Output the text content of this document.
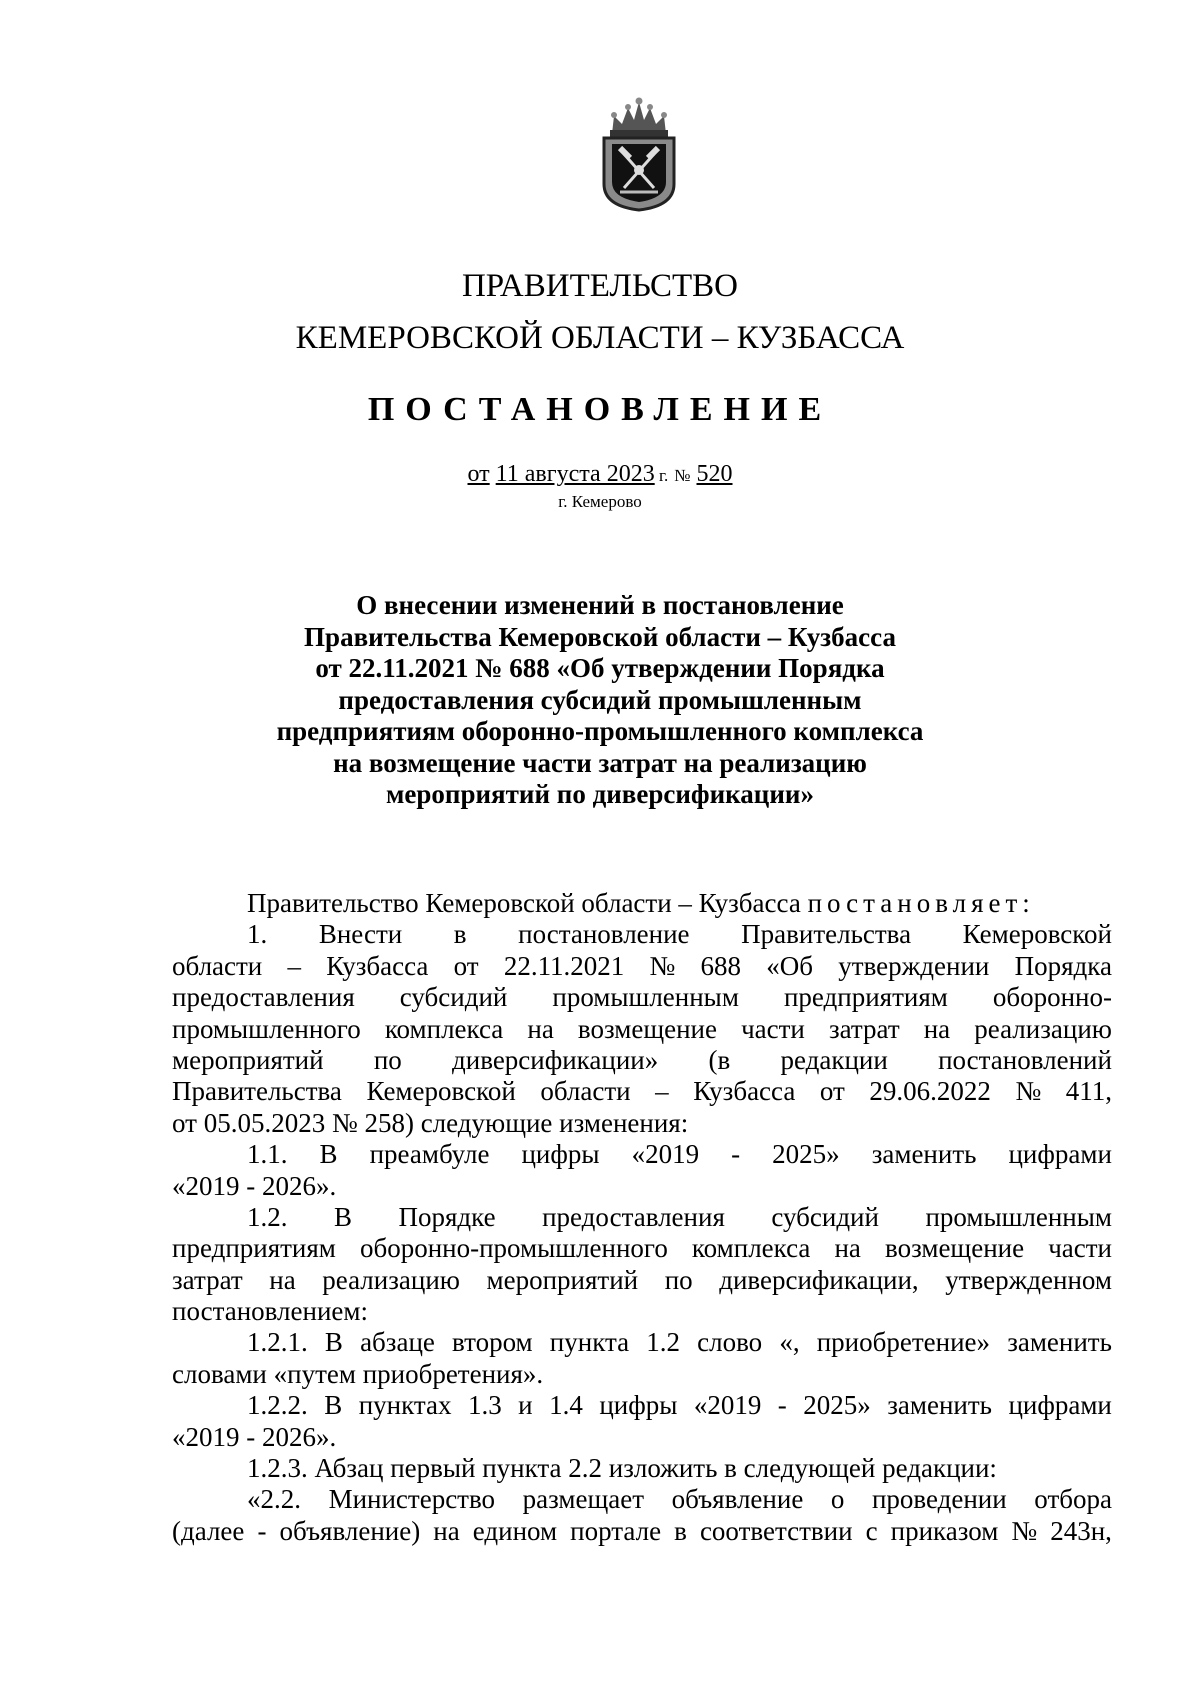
ПРАВИТЕЛЬСТВО
КЕМЕРОВСКОЙ ОБЛАСТИ – КУЗБАССА
ПОСТАНОВЛЕНИЕ
от 11 августа 2023 г. № 520
г. Кемерово
О внесении изменений в постановление
Правительства Кемеровской области – Кузбасса
от 22.11.2021 № 688 «Об утверждении Порядка
предоставления субсидий промышленным
предприятиям оборонно-промышленного комплекса
на возмещение части затрат на реализацию
мероприятий по диверсификации»
Правительство Кемеровской области – Кузбасса постановляет:
1. Внести в постановление Правительства Кемеровской
области – Кузбасса от 22.11.2021 № 688 «Об утверждении Порядка
предоставления субсидий промышленным предприятиям оборонно-
промышленного комплекса на возмещение части затрат на реализацию
мероприятий по диверсификации» (в редакции постановлений
Правительства Кемеровской области – Кузбасса от 29.06.2022 № 411,
от 05.05.2023 № 258) следующие изменения:
1.1. В преамбуле цифры «2019 - 2025» заменить цифрами
«2019 - 2026».
1.2. В Порядке предоставления субсидий промышленным
предприятиям оборонно-промышленного комплекса на возмещение части
затрат на реализацию мероприятий по диверсификации, утвержденном
постановлением:
1.2.1. В абзаце втором пункта 1.2 слово «, приобретение» заменить
словами «путем приобретения».
1.2.2. В пунктах 1.3 и 1.4 цифры «2019 - 2025» заменить цифрами
«2019 - 2026».
1.2.3. Абзац первый пункта 2.2 изложить в следующей редакции:
«2.2. Министерство размещает объявление о проведении отбора
(далее - объявление) на едином портале в соответствии с приказом № 243н,
